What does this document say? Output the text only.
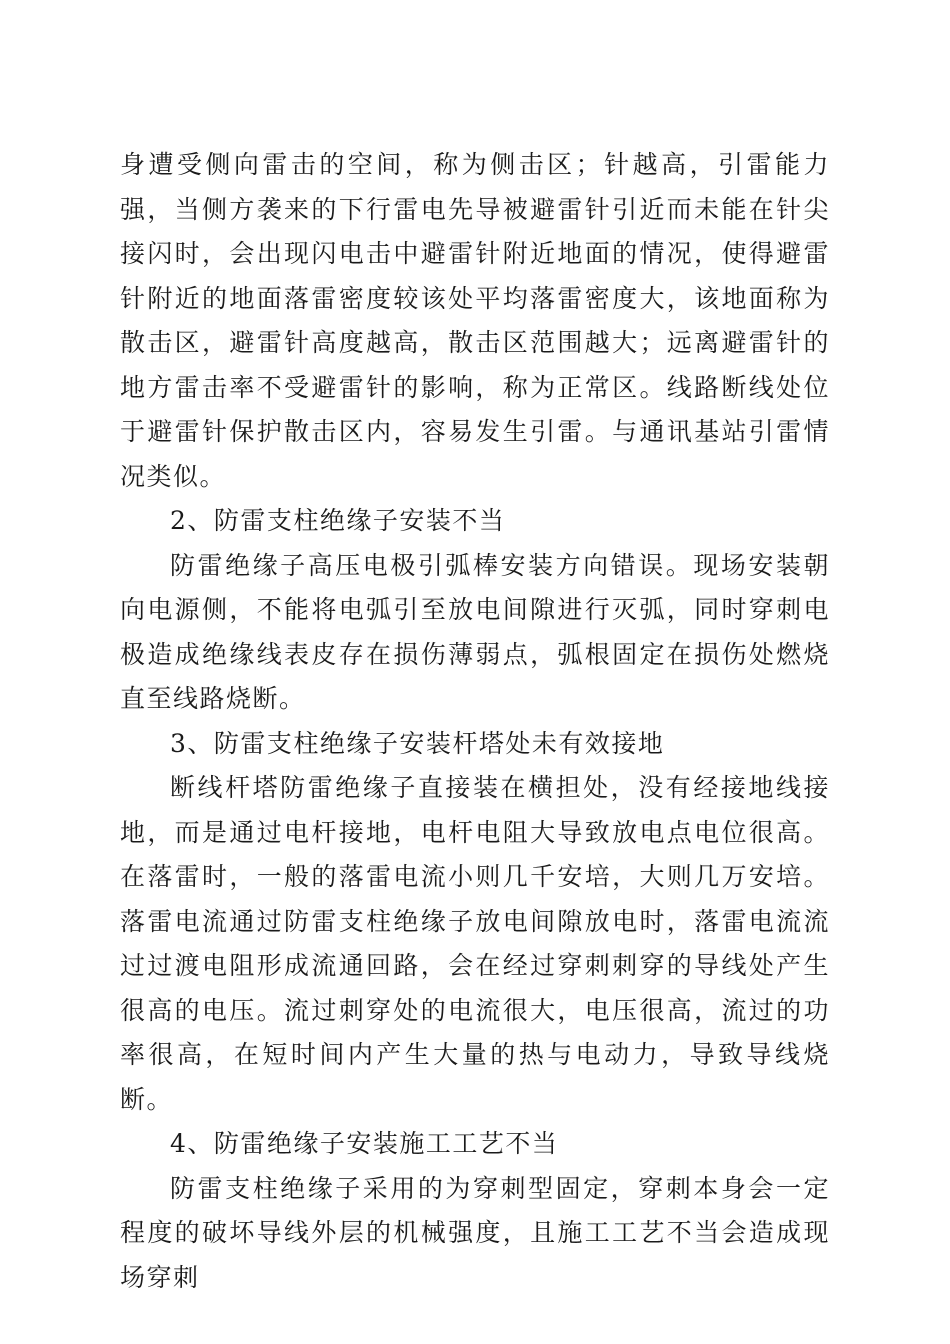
身遭受侧向雷击的空间，称为侧击区；针越高，引雷能力强，当侧方袭来的下行雷电先导被避雷针引近而未能在针尖接闪时，会出现闪电击中避雷针附近地面的情况，使得避雷针附近的地面落雷密度较该处平均落雷密度大，该地面称为散击区，避雷针高度越高，散击区范围越大；远离避雷针的地方雷击率不受避雷针的影响，称为正常区。线路断线处位于避雷针保护散击区内，容易发生引雷。与通讯基站引雷情况类似。

2、防雷支柱绝缘子安装不当

防雷绝缘子高压电极引弧棒安装方向错误。现场安装朝向电源侧，不能将电弧引至放电间隙进行灭弧，同时穿刺电极造成绝缘线表皮存在损伤薄弱点，弧根固定在损伤处燃烧直至线路烧断。

3、防雷支柱绝缘子安装杆塔处未有效接地

断线杆塔防雷绝缘子直接装在横担处，没有经接地线接地，而是通过电杆接地，电杆电阻大导致放电点电位很高。在落雷时，一般的落雷电流小则几千安培，大则几万安培。落雷电流通过防雷支柱绝缘子放电间隙放电时，落雷电流流过过渡电阻形成流通回路，会在经过穿刺刺穿的导线处产生很高的电压。流过刺穿处的电流很大，电压很高，流过的功率很高，在短时间内产生大量的热与电动力，导致导线烧断。

4、防雷绝缘子安装施工工艺不当

防雷支柱绝缘子采用的为穿刺型固定，穿刺本身会一定程度的破坏导线外层的机械强度，且施工工艺不当会造成现场穿刺
